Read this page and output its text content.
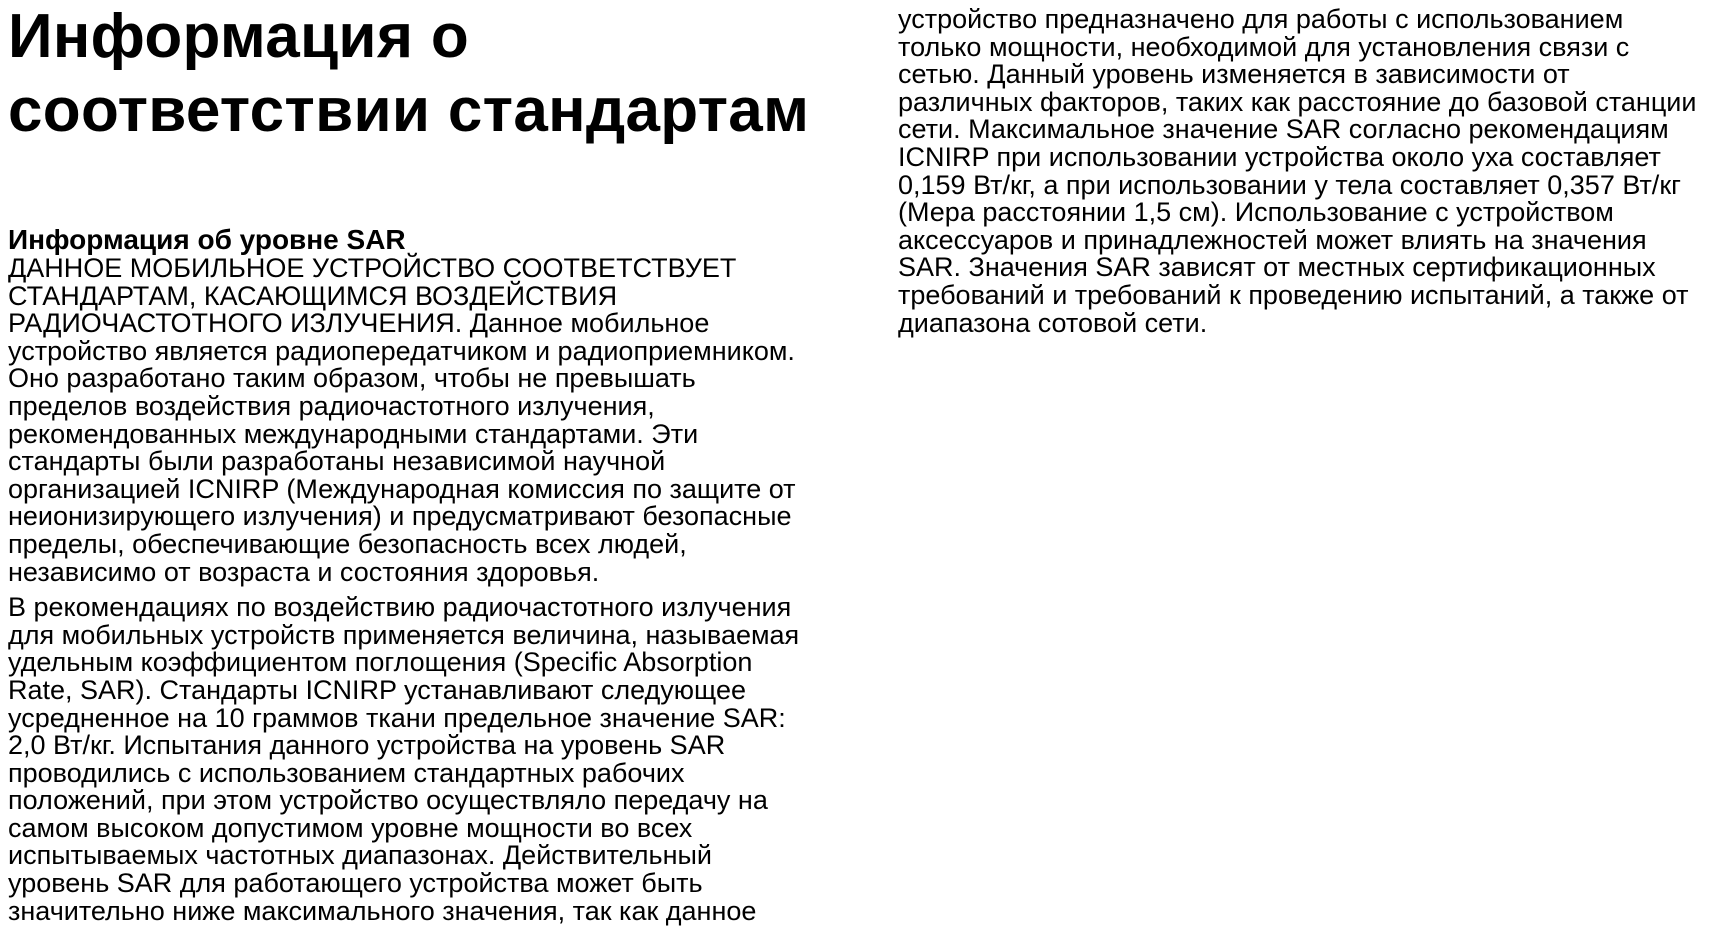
Информация о
соответствии стандартам
Информация об уровне SAR

ДАННОЕ МОБИЛЬНОЕ УСТРОЙСТВО СООТВЕТСТВУЕТ
СТАНДАРТАМ, КАСАЮЩИМСЯ ВОЗДЕЙСТВИЯ
РАДИОЧАСТОТНОГО ИЗЛУЧЕНИЯ. Данное мобильное
устройство является радиопередатчиком и радиоприемником.
Оно разработано таким образом, чтобы не превышать
пределов воздействия радиочастотного излучения,
рекомендованных международными стандартами. Эти
стандарты были разработаны независимой научной
организацией ICNIRP (Международная комиссия по защите от
неионизирующего излучения) и предусматривают безопасные
пределы, обеспечивающие безопасность всех людей,
независимо от возраста и состояния здоровья.

В рекомендациях по воздействию радиочастотного излучения
для мобильных устройств применяется величина, называемая
удельным коэффициентом поглощения (Specific Absorption
Rate, SAR). Стандарты ICNIRP устанавливают следующее
усредненное на 10 граммов ткани предельное значение SAR:
2,0 Вт/кг. Испытания данного устройства на уровень SAR
проводились с использованием стандартных рабочих
положений, при этом устройство осуществляло передачу на
самом высоком допустимом уровне мощности во всех
испытываемых частотных диапазонах. Действительный
уровень SAR для работающего устройства может быть
значительно ниже максимального значения, так как данное

устройство предназначено для работы с использованием
только мощности, необходимой для установления связи с
сетью. Данный уровень изменяется в зависимости от
различных факторов, таких как расстояние до базовой станции
сети. Максимальное значение SAR согласно рекомендациям
ICNIRP при использовании устройства около уха составляет
0,159 Вт/кг, а при использовании у тела составляет 0,357 Вт/кг
(Мера расстоянии 1,5 см). Использование с устройством
аксессуаров и принадлежностей может влиять на значения
SAR. Значения SAR зависят от местных сертификационных
требований и требований к проведению испытаний, а также от
диапазона сотовой сети.
